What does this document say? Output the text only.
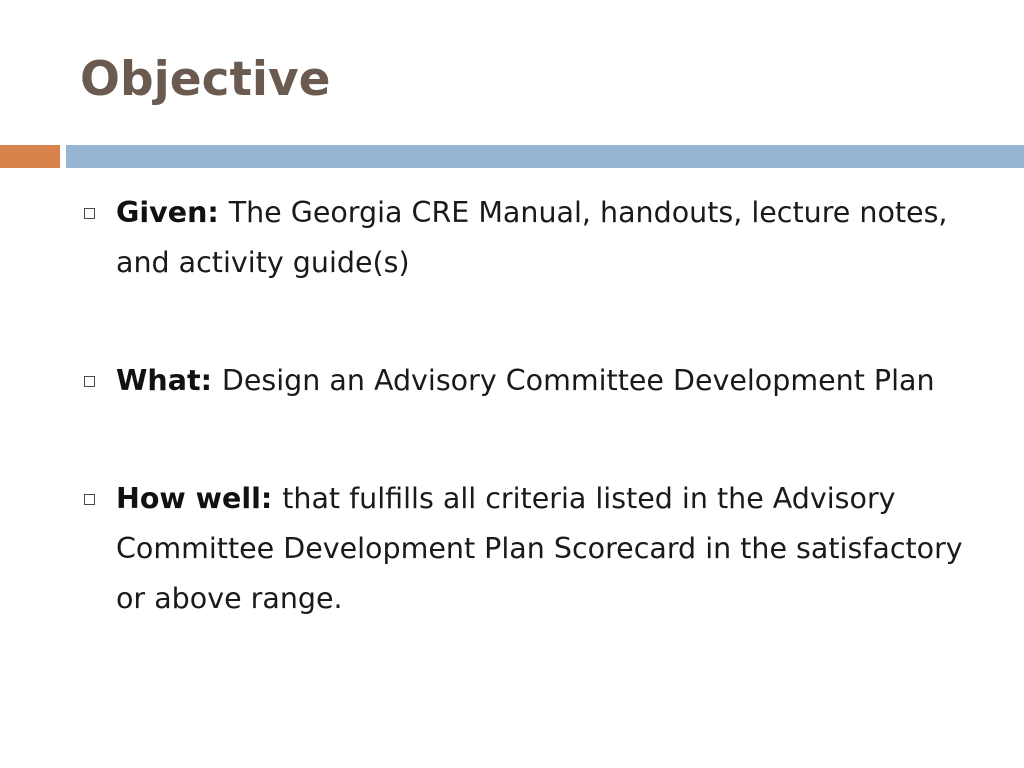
Objective
Given: The Georgia CRE Manual, handouts, lecture notes, and activity guide(s)
What: Design an Advisory Committee Development Plan
How well: that fulfills all criteria listed in the Advisory Committee Development Plan Scorecard in the satisfactory or above range.
